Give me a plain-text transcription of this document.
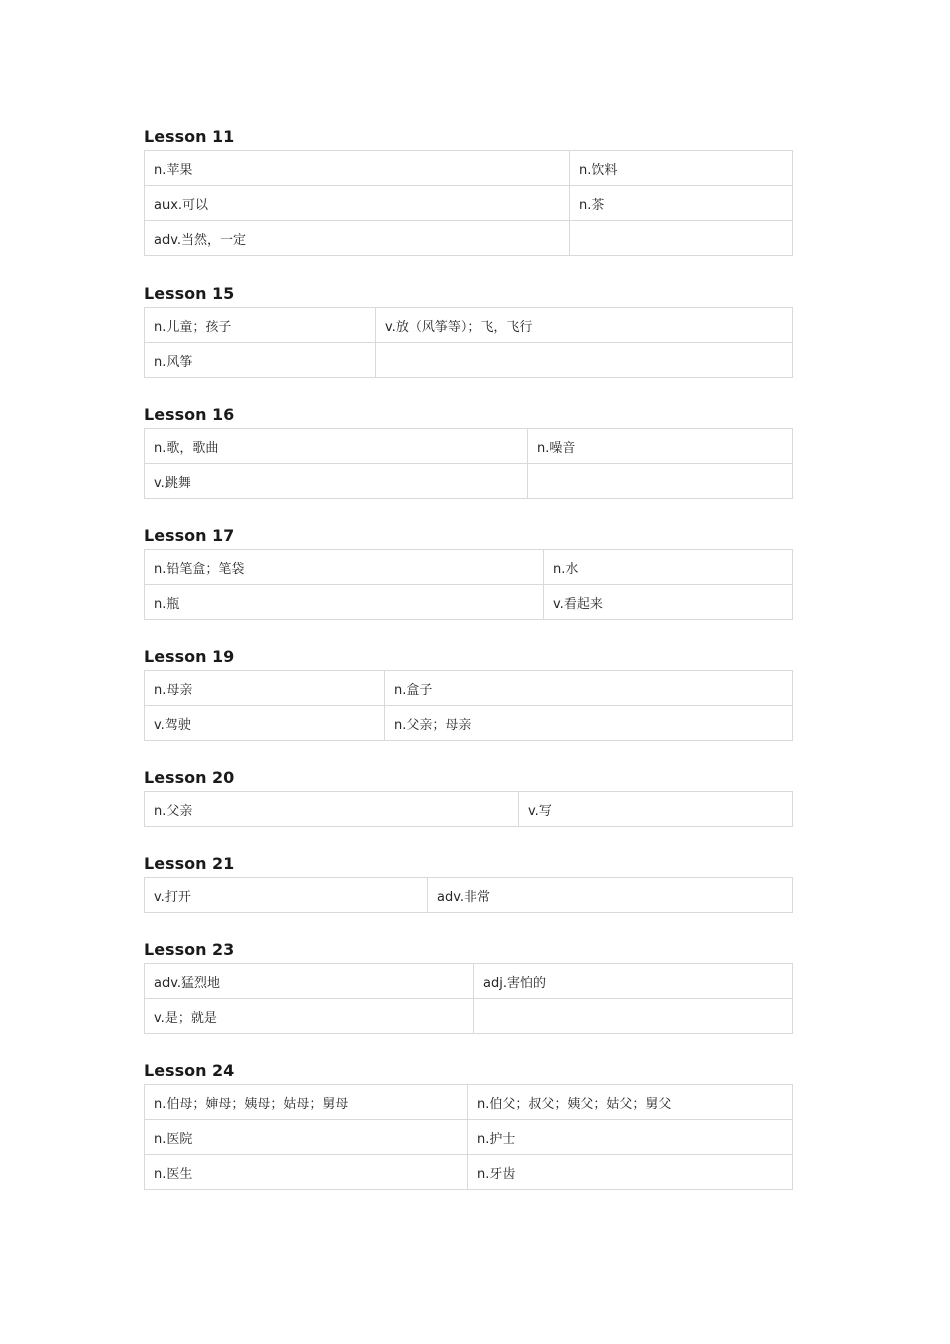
Lesson 11
n.苹果	n.饮料
aux.可以	n.茶
adv.当然，一定	
Lesson 15
n.儿童；孩子	v.放（风筝等）；飞，飞行
n.风筝	
Lesson 16
n.歌，歌曲	n.噪音
v.跳舞	
Lesson 17
n.铅笔盒；笔袋	n.水
n.瓶	v.看起来
Lesson 19
n.母亲	n.盒子
v.驾驶	n.父亲；母亲
Lesson 20
n.父亲	v.写
Lesson 21
v.打开	adv.非常
Lesson 23
adv.猛烈地	adj.害怕的
v.是；就是	
Lesson 24
n.伯母；婶母；姨母；姑母；舅母	n.伯父；叔父；姨父；姑父；舅父
n.医院	n.护士
n.医生	n.牙齿
